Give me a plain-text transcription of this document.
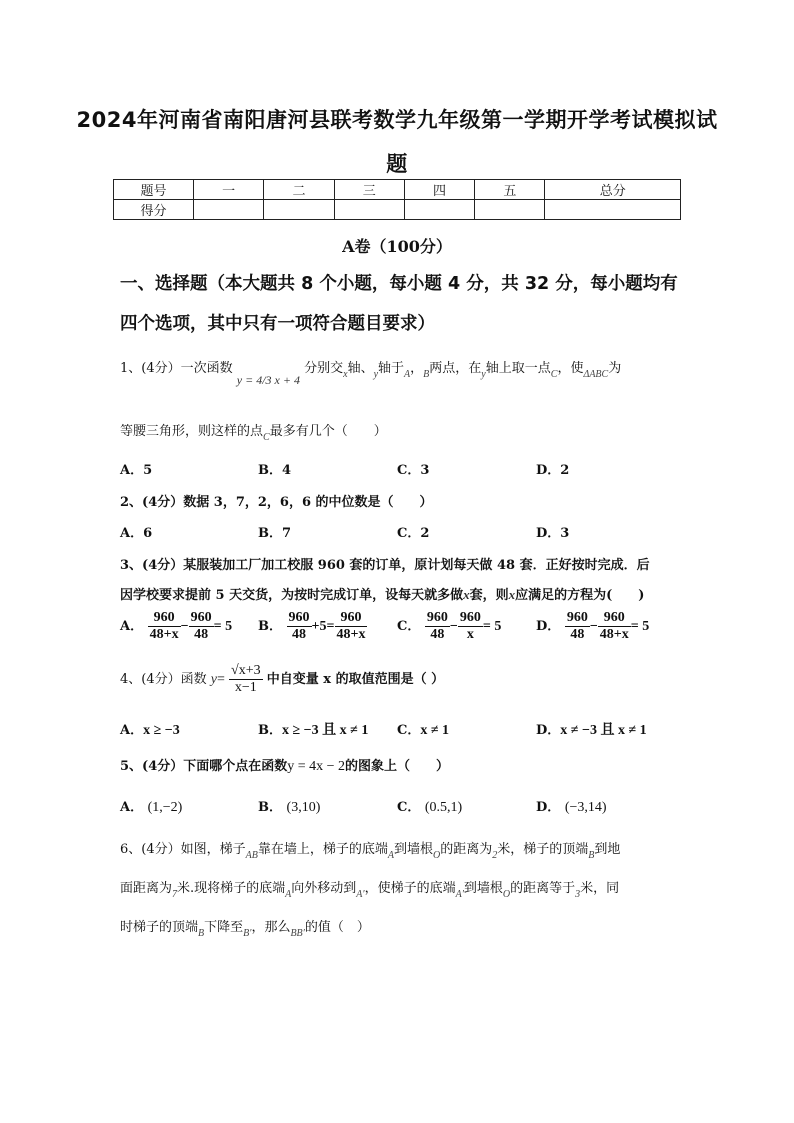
2024年河南省南阳唐河县联考数学九年级第一学期开学考试模拟试
题
题号	一	二	三	四	五	总分
得分						
A卷（100分）
一、选择题（本大题共 8 个小题，每小题 4 分，共 32 分，每小题均有四个选项，其中只有一项符合题目要求）
1、(4分）一次函数 y = 4/3 x + 4 分别交$_x$轴、$_y$轴于$_A$，$_B$两点，在$_y$轴上取一点$_C$，使$_{\Delta ABC}$为
等腰三角形，则这样的点$_C$最多有几个（　　）
A．5	B．4	C．3	D．2
2、(4分）数据 3，7，2，6，6 的中位数是（　　）
A．6	B．7	C．2	D．3
3、(4分）某服装加工厂加工校服 960 套的订单，原计划每天做 48 套．正好按时完成．后
因学校要求提前 5 天交货，为按时完成订单，设每天就多做x套，则x应满足的方程为(　　)
A． $\frac{960}{48+x} - \frac{960}{48} = 5$ B． $\frac{960}{48} +5= \frac{960}{48+x}$ C． $\frac{960}{48} - \frac{960}{x} = 5$	D． $\frac{960}{48} - \frac{960}{48+x} = 5$
4、(4分）函数 $y= \frac{√x+3}{x-1}$ 中自变量 x 的取值范围是（ ）
A．x ≥ −3	B．x ≥ −3 且 x ≠ 1 C．x ≠ 1	D．x ≠ −3 且 x ≠ 1
5、(4分）下面哪个点在函数y = 4x − 2的图象上（　　）
A． (1,−2)	B． (3,10)	C． (0.5,1)	D． (−3,14)
6、(4分）如图，梯子$_{AB}$靠在墙上，梯子的底端$_A$到墙根$_O$的距离为$_2$米，梯子的顶端$_B$到地
面距离为$_7$米.现将梯子的底端$_A$向外移动到$_{A'}$，使梯子的底端$_{A'}$到墙根$_O$的距离等于$_3$米，同
时梯子的顶端$_B$下降至$_{B'}$，那么$_{BB'}$的值（　）
